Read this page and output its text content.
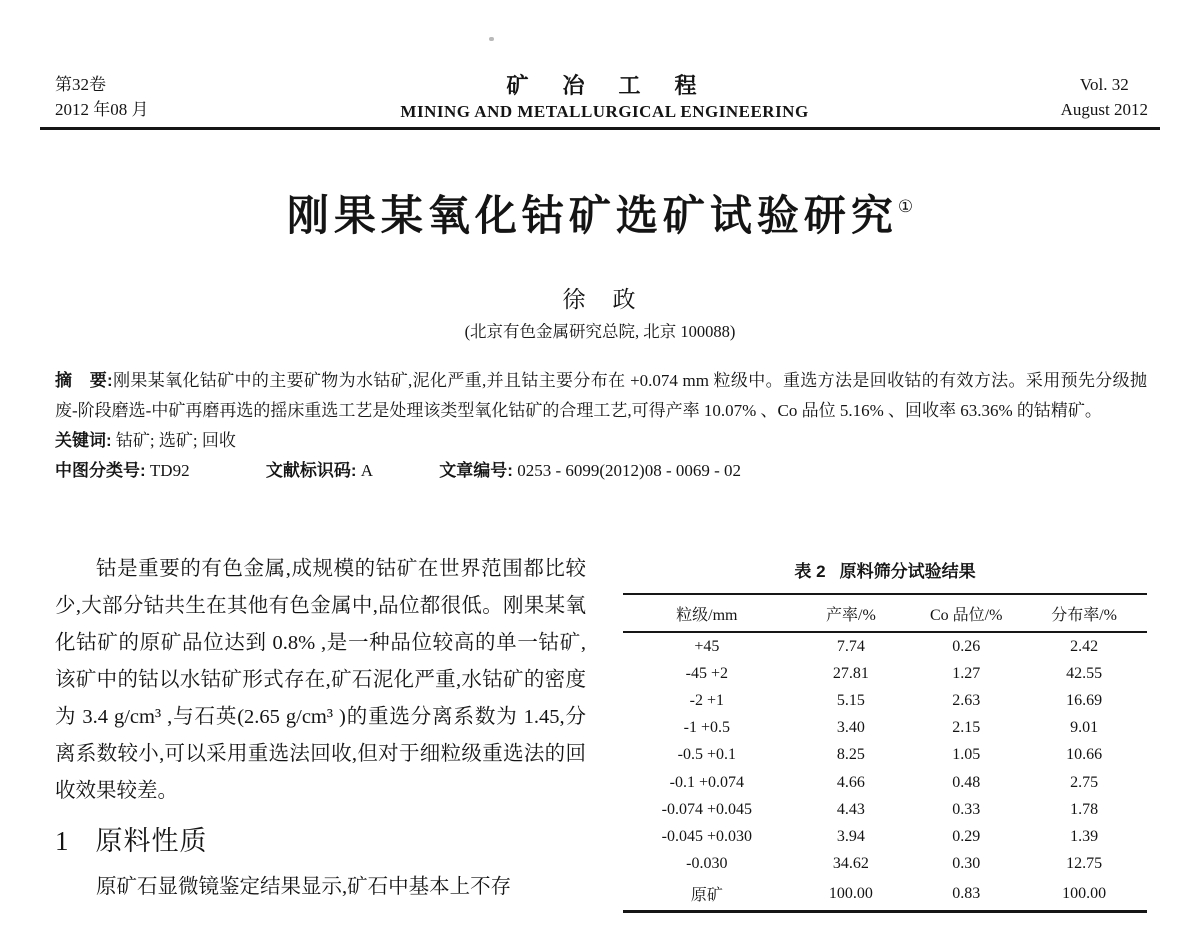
第32卷
2012 年08 月
矿　冶　工　程
MINING AND METALLURGICAL ENGINEERING
Vol. 32
August 2012
刚果某氧化钴矿选矿试验研究①
徐　政
(北京有色金属研究总院, 北京 100088)
摘　要:刚果某氧化钴矿中的主要矿物为水钴矿,泥化严重,并且钴主要分布在 +0.074 mm 粒级中。重选方法是回收钴的有效方法。采用预先分级抛废-阶段磨选-中矿再磨再选的摇床重选工艺是处理该类型氧化钴矿的合理工艺,可得产率 10.07% 、Co 品位 5.16% 、回收率 63.36% 的钴精矿。
关键词: 钴矿; 选矿; 回收
中图分类号: TD92	文献标识码: A	文章编号: 0253 - 6099(2012)08 - 0069 - 02

钴是重要的有色金属,成规模的钴矿在世界范围都比较少,大部分钴共生在其他有色金属中,品位都很低。刚果某氧化钴矿的原矿品位达到 0.8% ,是一种品位较高的单一钴矿,该矿中的钴以水钴矿形式存在,矿石泥化严重,水钴矿的密度为 3.4 g/cm³ ,与石英(2.65 g/cm³ )的重选分离系数为 1.45,分离系数较小,可以采用重选法回收,但对于细粒级重选法的回收效果较差。

1 原料性质

原矿石显微镜鉴定结果显示,矿石中基本上不存

表 2 原料筛分试验结果
粒级/mm	产率/%	Co 品位/%	分布率/%
+45	7.74	0.26	2.42
-45 +2	27.81	1.27	42.55
-2 +1	5.15	2.63	16.69
-1 +0.5	3.40	2.15	9.01
-0.5 +0.1	8.25	1.05	10.66
-0.1 +0.074	4.66	0.48	2.75
-0.074 +0.045	4.43	0.33	1.78
-0.045 +0.030	3.94	0.29	1.39
-0.030	34.62	0.30	12.75
原矿	100.00	0.83	100.00
